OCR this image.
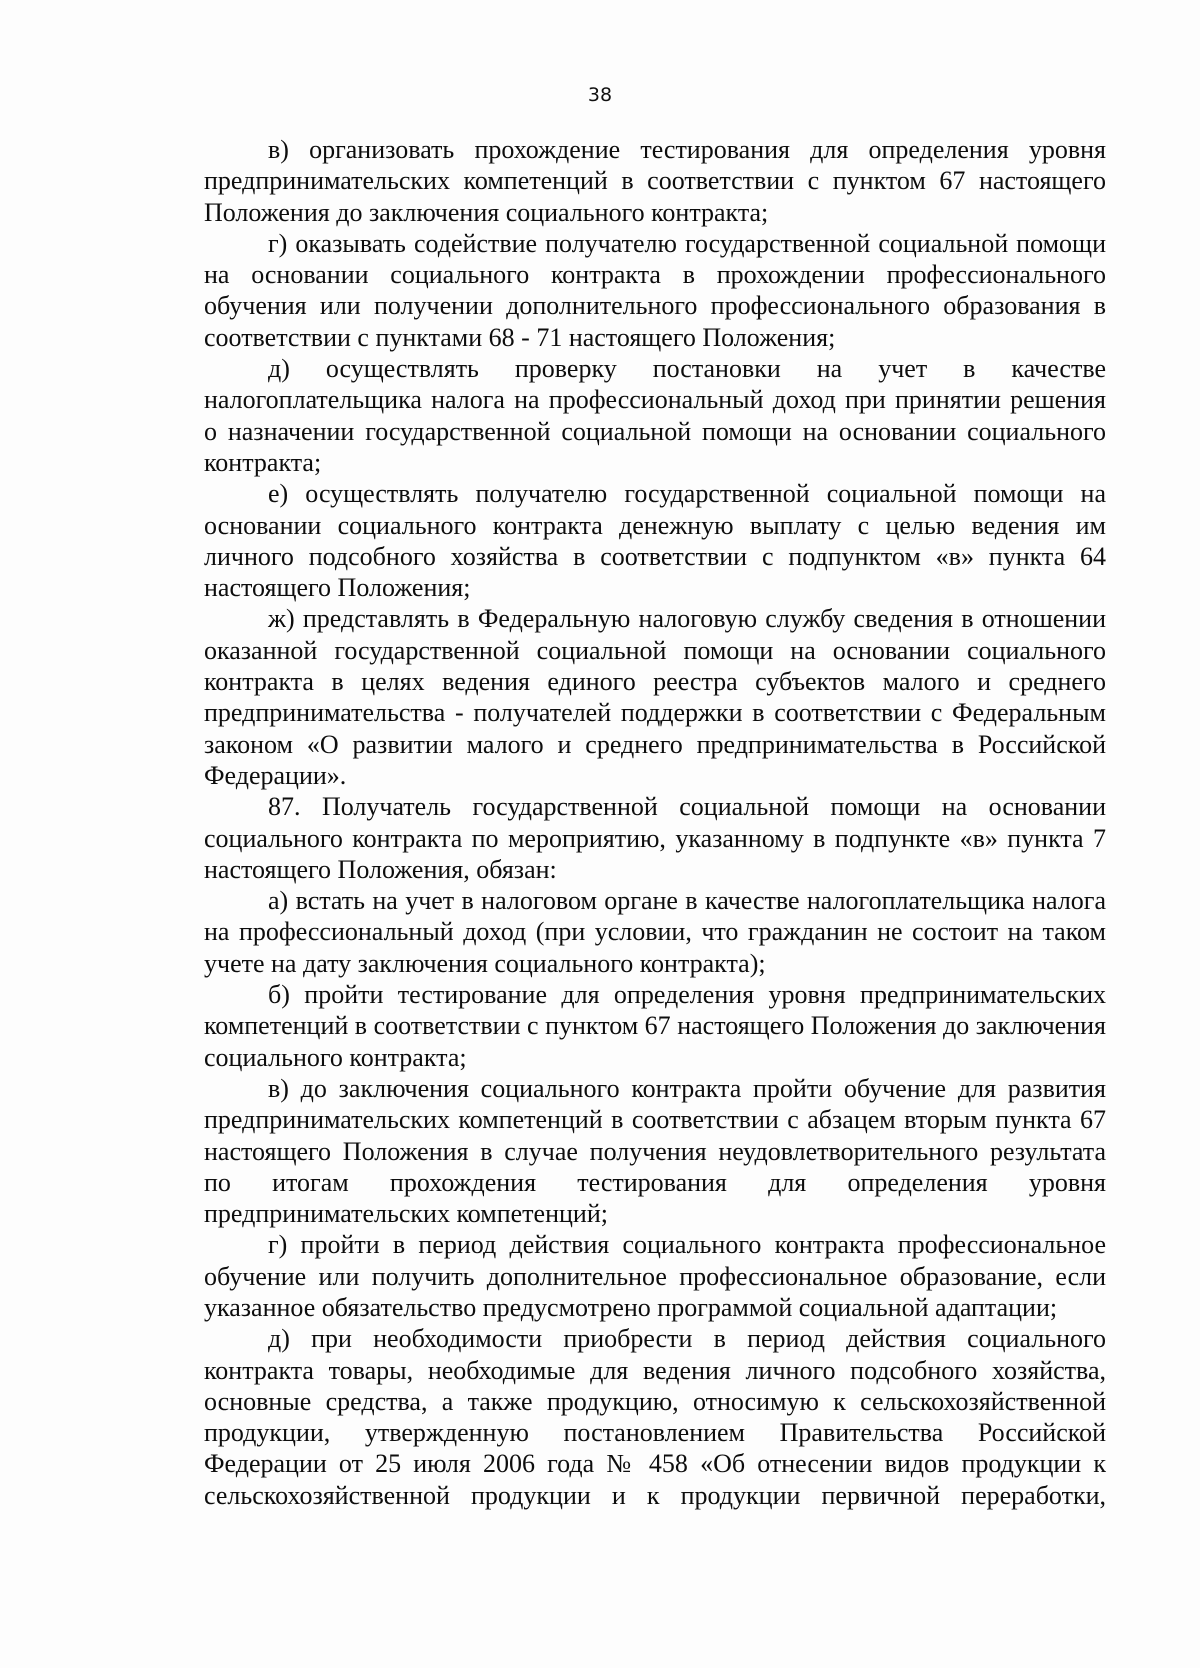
38

в) организовать прохождение тестирования для определения уровня предпринимательских компетенций в соответствии с пунктом 67 настоящего Положения до заключения социального контракта;

г) оказывать содействие получателю государственной социальной помощи на основании социального контракта в прохождении профессионального обучения или получении дополнительного профессионального образования в соответствии с пунктами 68 - 71 настоящего Положения;

д) осуществлять проверку постановки на учет в качестве налогоплательщика налога на профессиональный доход при принятии решения о назначении государственной социальной помощи на основании социального контракта;

е) осуществлять получателю государственной социальной помощи на основании социального контракта денежную выплату с целью ведения им личного подсобного хозяйства в соответствии с подпунктом «в» пункта 64 настоящего Положения;

ж) представлять в Федеральную налоговую службу сведения в отношении оказанной государственной социальной помощи на основании социального контракта в целях ведения единого реестра субъектов малого и среднего предпринимательства - получателей поддержки в соответствии с Федеральным законом «О развитии малого и среднего предпринимательства в Российской Федерации».

87. Получатель государственной социальной помощи на основании социального контракта по мероприятию, указанному в подпункте «в» пункта 7 настоящего Положения, обязан:

а) встать на учет в налоговом органе в качестве налогоплательщика налога на профессиональный доход (при условии, что гражданин не состоит на таком учете на дату заключения социального контракта);

б) пройти тестирование для определения уровня предпринимательских компетенций в соответствии с пунктом 67 настоящего Положения до заключения социального контракта;

в) до заключения социального контракта пройти обучение для развития предпринимательских компетенций в соответствии с абзацем вторым пункта 67 настоящего Положения в случае получения неудовлетворительного результата по итогам прохождения тестирования для определения уровня предпринимательских компетенций;

г) пройти в период действия социального контракта профессиональное обучение или получить дополнительное профессиональное образование, если указанное обязательство предусмотрено программой социальной адаптации;

д) при необходимости приобрести в период действия социального контракта товары, необходимые для ведения личного подсобного хозяйства, основные средства, а также продукцию, относимую к сельскохозяйственной продукции, утвержденную постановлением Правительства Российской Федерации от 25 июля 2006 года № 458 «Об отнесении видов продукции к сельскохозяйственной продукции и к продукции первичной переработки,
